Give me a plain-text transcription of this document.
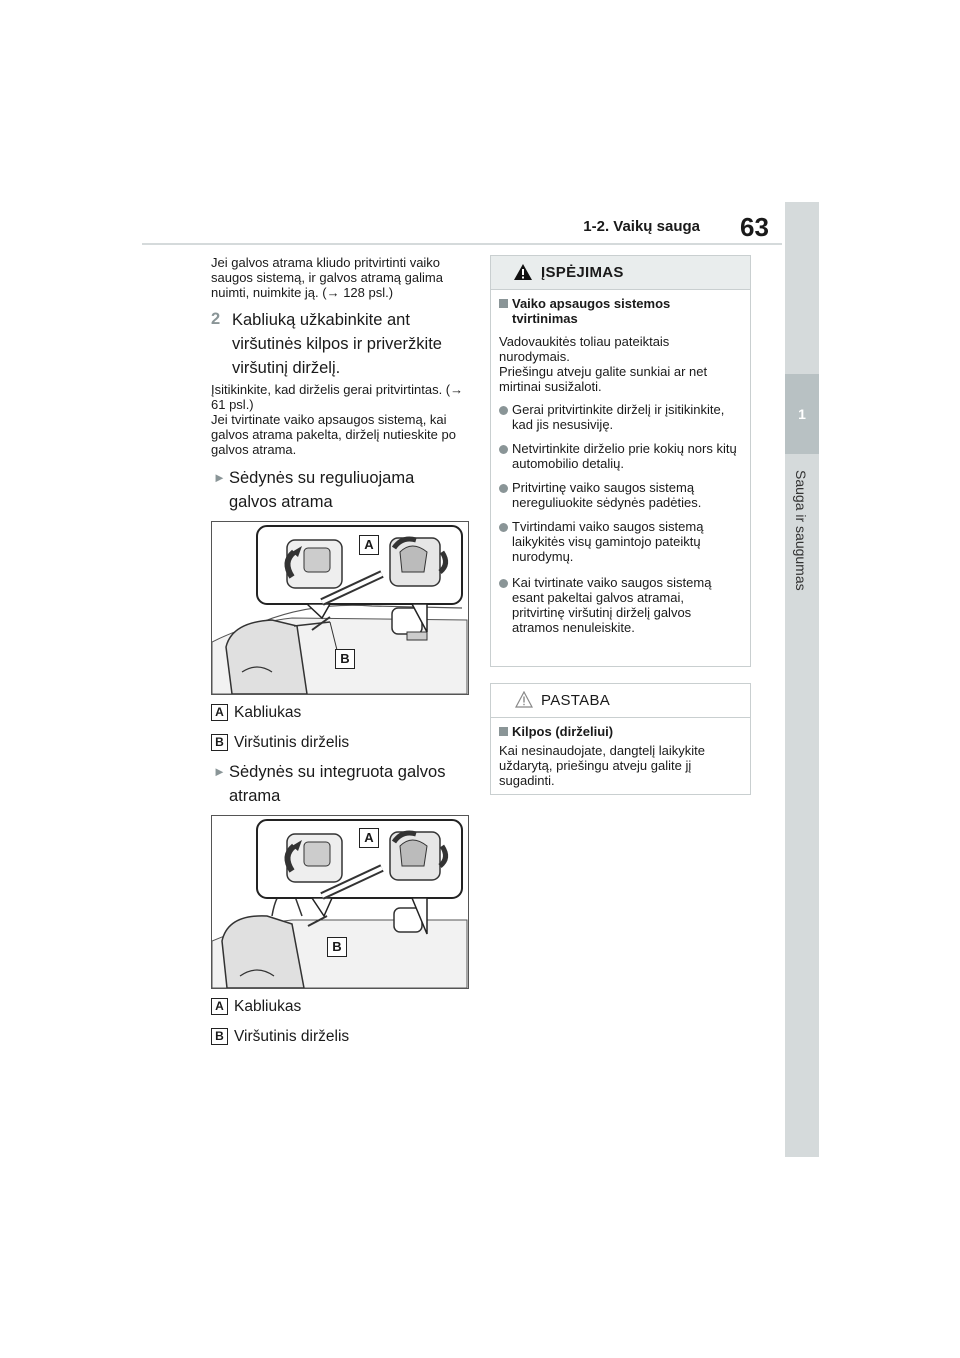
1-2. Vaikų sauga 63
1
Sauga ir saugumas
Jei galvos atrama kliudo pritvirtinti vaiko saugos sistemą, ir galvos atramą galima nuimti, nuimkite ją. (→ 128 psl.)
2 Kabliuką užkabinkite ant viršutinės kilpos ir priveržkite viršutinį dirželį.
Įsitikinkite, kad dirželis gerai pritvirtintas. (→ 61 psl.)
Jei tvirtinate vaiko apsaugos sistemą, kai galvos atrama pakelta, dirželį nutieskite po galvos atrama.
► Sėdynės su reguliuojama galvos atrama
A
B
A Kabliukas
B Viršutinis dirželis
► Sėdynės su integruota galvos atrama
A
B
A Kabliukas
B Viršutinis dirželis
ĮSPĖJIMAS
Vaiko apsaugos sistemos tvirtinimas
Vadovaukitės toliau pateiktais nurodymais.
Priešingu atveju galite sunkiai ar net mirtinai susižaloti.
Gerai pritvirtinkite dirželį ir įsitikinkite, kad jis nesusiviję.
Netvirtinkite dirželio prie kokių nors kitų automobilio detalių.
Pritvirtinę vaiko saugos sistemą nereguliuokite sėdynės padėties.
Tvirtindami vaiko saugos sistemą laikykitės visų gamintojo pateiktų nurodymų.
Kai tvirtinate vaiko saugos sistemą esant pakeltai galvos atramai, pritvirtinę viršutinį dirželį galvos atramos nenuleiskite.
PASTABA
Kilpos (dirželiui)
Kai nesinaudojate, dangtelį laikykite uždarytą, priešingu atveju galite jį sugadinti.
